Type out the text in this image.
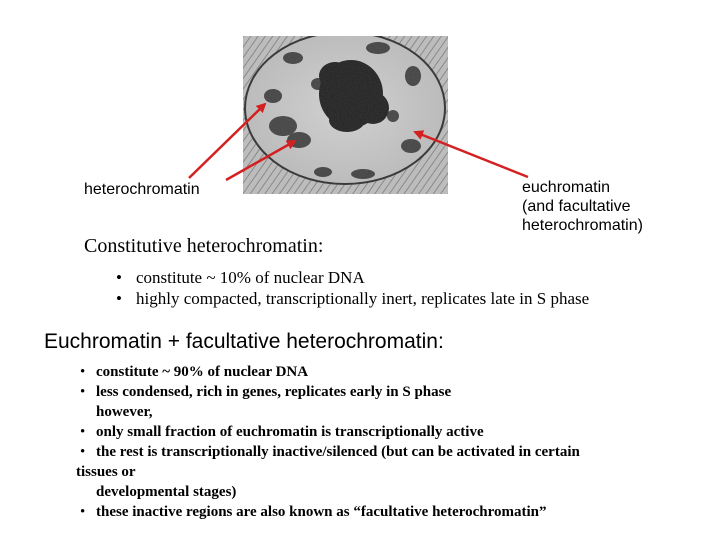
heterochromatin	euchromatin
(and facultative
heterochromatin)
Constitutive heterochromatin:
• constitute ~ 10% of nuclear DNA
• highly compacted, transcriptionally inert, replicates late in S phase
Euchromatin + facultative heterochromatin:
• constitute ~ 90% of nuclear DNA
• less condensed, rich in genes, replicates early in S phase
however,
• only small fraction of euchromatin is transcriptionally active
• the rest is transcriptionally inactive/silenced (but can be activated in certain
tissues or
developmental stages)
• these inactive regions are also known as “facultative heterochromatin”
